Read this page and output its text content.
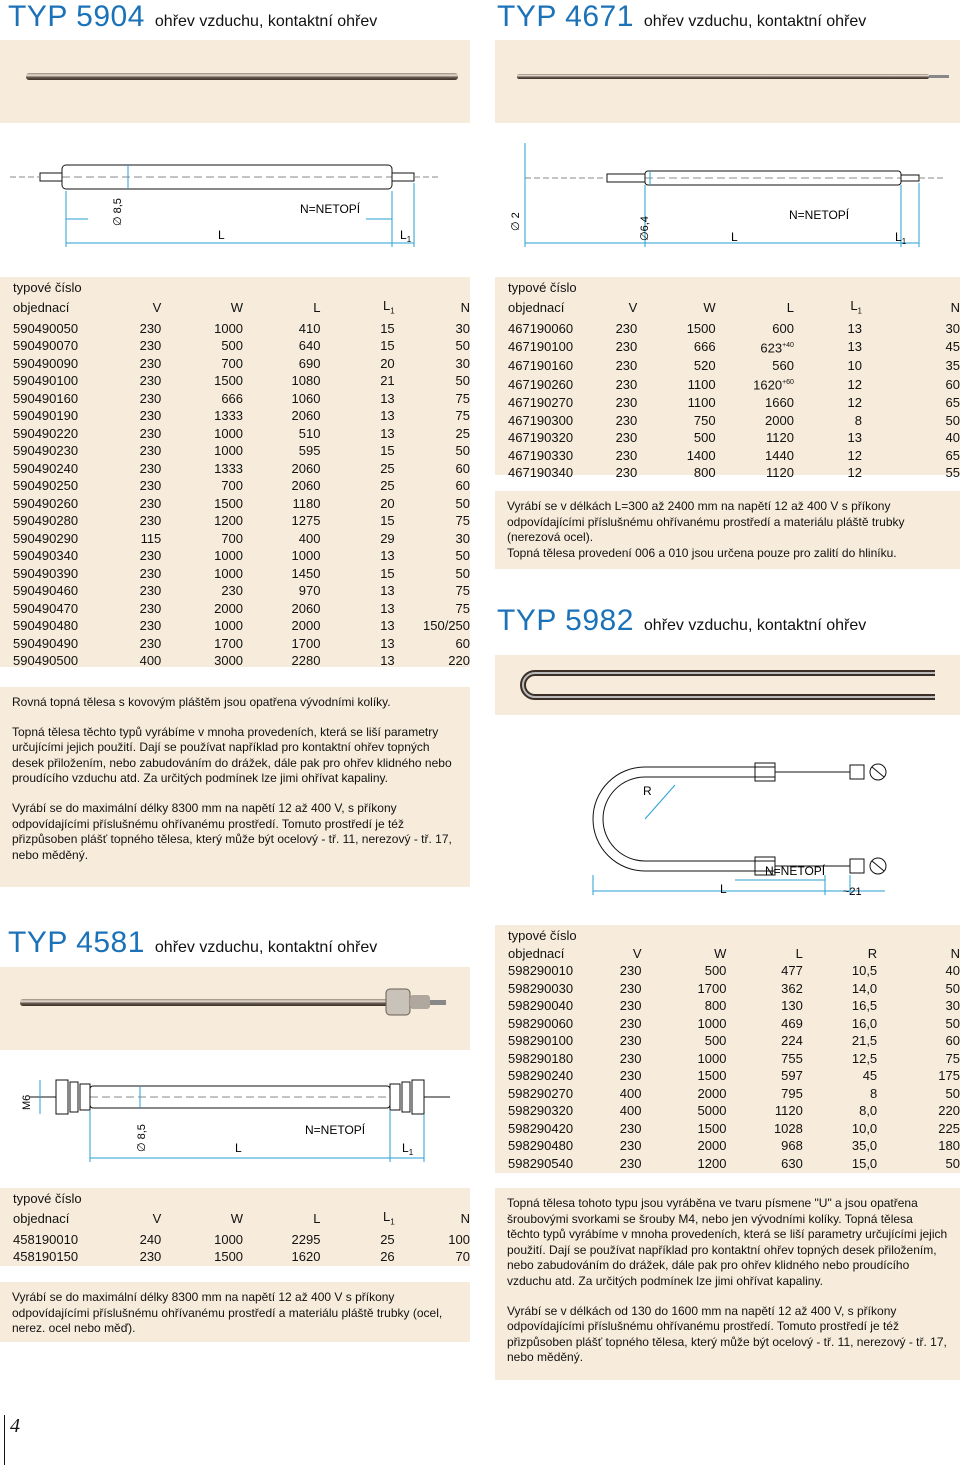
TYP 5904 ohřev vzduchu, kontaktní ohřev
∅ 8,5	N=NETOPÍ
L	$L_1$
typové číslo					
objednací	V	W	L	$L_1$	N
590490050	230	1000	410	15	30
590490070	230	500	640	15	50
590490090	230	700	690	20	30
590490100	230	1500	1080	21	50
590490160	230	666	1060	13	75
590490190	230	1333	2060	13	75
590490220	230	1000	510	13	25
590490230	230	1000	595	15	50
590490240	230	1333	2060	25	60
590490250	230	700	2060	25	60
590490260	230	1500	1180	20	50
590490280	230	1200	1275	15	75
590490290	115	700	400	29	30
590490340	230	1000	1000	13	50
590490390	230	1000	1450	15	50
590490460	230	230	970	13	75
590490470	230	2000	2060	13	75
590490480	230	1000	2000	13	150/250
590490490	230	1700	1700	13	60
590490500	400	3000	2280	13	220

Rovná topná tělesa s kovovým pláštěm jsou opatřena vývodními kolíky.

Topná tělesa těchto typů vyrábíme v mnoha provedeních, která se liší parametry určujícími jejich použití. Dají se používat například pro kontaktní ohřev topných desek přiložením, nebo zabudováním do drážek, dále pak pro ohřev klidného nebo proudícího vzduchu atd. Za určitých podmínek lze jimi ohřívat kapaliny.

Vyrábí se do maximální délky 8300 mm na napětí 12 až 400 V, s příkony odpovídajícími příslušnému ohřívanému prostředí. Tomuto prostředí je též přizpůsoben plášť topného tělesa, který může být ocelový - tř. 11, nerezový - tř. 17, nebo měděný.

TYP 4671 ohřev vzduchu, kontaktní ohřev
∅ 2	∅6,4
N=NETOPÍ
L	$L_1$
typové číslo					
objednací	V	W	L	$L_1$	N
467190060	230	1500	600	13	30
467190100	230	666	$623^{+40}$	13	45
467190160	230	520	560	10	35
467190260	230	1100	$1620^{+60}$	12	60
467190270	230	1100	1660	12	65
467190300	230	750	2000	8	50
467190320	230	500	1120	13	40
467190330	230	1400	1440	12	65
467190340	230	800	1120	12	55

Vyrábí se v délkách L=300 až 2400 mm na napětí 12 až 400 V s příkony odpovídajícími příslušnému ohřívanému prostředí a materiálu pláště trubky (nerezová ocel).

Topná tělesa provedení 006 a 010 jsou určena pouze pro zalití do hliníku.

TYP 5982 ohřev vzduchu, kontaktní ohřev
R
N=NETOPÍ
L	~21
typové číslo					
objednací	V	W	L	R	N
598290010	230	500	477	10,5	40
598290030	230	1700	362	14,0	50
598290040	230	800	130	16,5	30
598290060	230	1000	469	16,0	50
598290100	230	500	224	21,5	60
598290180	230	1000	755	12,5	75
598290240	230	1500	597	45	175
598290270	400	2000	795	8	50
598290320	400	5000	1120	8,0	220
598290420	230	1500	1028	10,0	225
598290480	230	2000	968	35,0	180
598290540	230	1200	630	15,0	50

Topná tělesa tohoto typu jsou vyráběna ve tvaru písmene "U" a jsou opatřena šroubovými svorkami se šrouby M4, nebo jen vývodními kolíky. Topná tělesa těchto typů vyrábíme v mnoha provedeních, která se liší parametry určujícími jejich použití. Dají se používat například pro kontaktní ohřev topných desek přiložením, nebo zabudováním do drážek, dále pak pro ohřev klidného nebo proudícího vzduchu atd. Za určitých podmínek lze jimi ohřívat kapaliny.

Vyrábí se v délkách od 130 do 1600 mm na napětí 12 až 400 V, s příkony odpovídajícími příslušnému ohřívanému prostředí. Tomuto prostředí je též přizpůsoben plášť topného tělesa, který může být ocelový - tř. 11, nerezový - tř. 17, nebo měděný.

TYP 4581 ohřev vzduchu, kontaktní ohřev
M6
∅ 8,5	N=NETOPÍ
L	$L_1$
typové číslo					
objednací	V	W	L	$L_1$	N
458190010	240	1000	2295	25	100
458190150	230	1500	1620	26	70

Vyrábí se do maximální délky 8300 mm na napětí 12 až 400 V s příkony odpovídajícími příslušnému ohřívanému prostředí a materiálu pláště trubky (ocel, nerez. ocel nebo měď).

4
